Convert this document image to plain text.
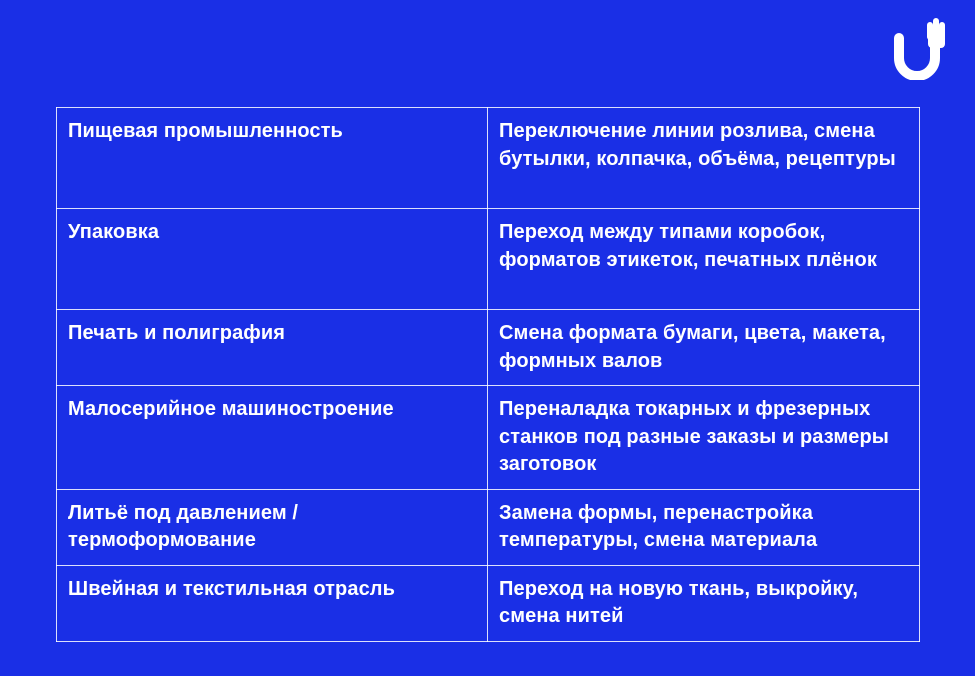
Пищевая промышленность	Переключение линии розлива, смена бутылки, колпачка, объёма, рецептуры
Упаковка	Переход между типами коробок, форматов этикеток, печатных плёнок
Печать и полиграфия	Смена формата бумаги, цвета, макета, формных валов
Малосерийное машиностроение	Переналадка токарных и фрезерных станков под разные заказы и размеры заготовок
Литьё под давлением / термоформование	Замена формы, перенастройка температуры, смена материала
Швейная и текстильная отрасль	Переход на новую ткань, выкройку, смена нитей
